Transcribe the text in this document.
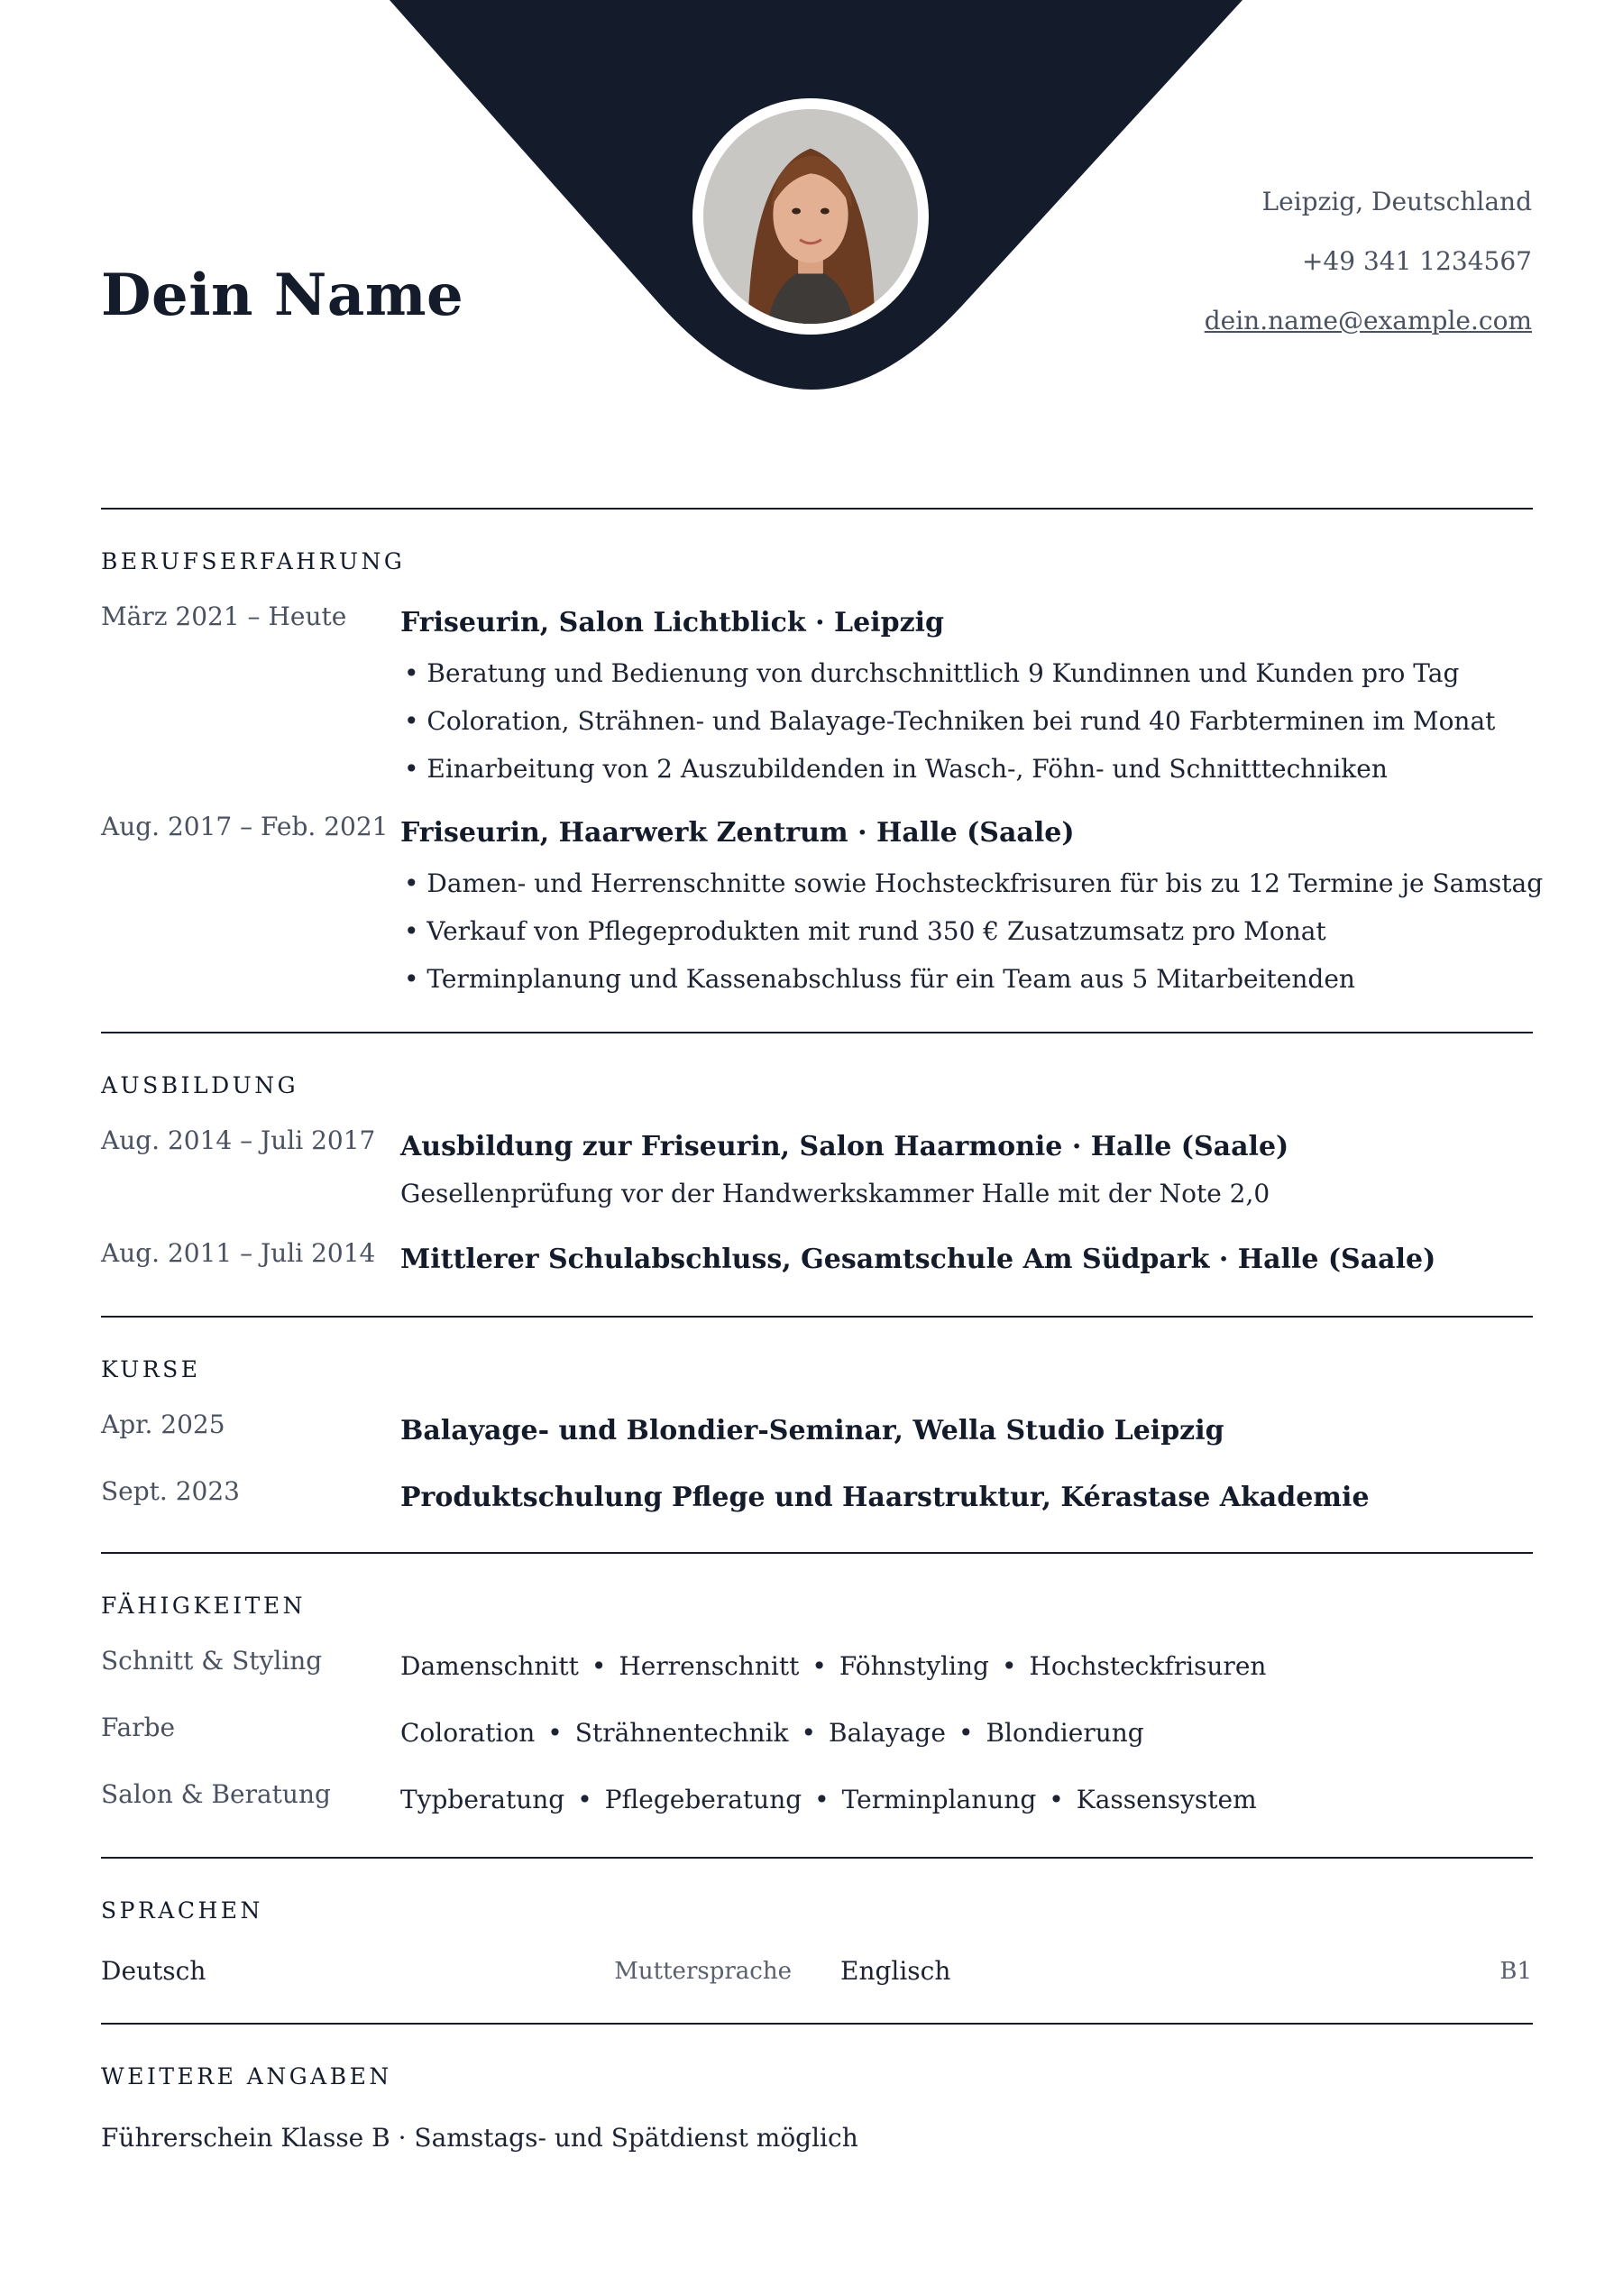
Dein Name
Leipzig, Deutschland
+49 341 1234567
dein.name@example.com
BERUFSERFAHRUNG
März 2021 – Heute Friseurin, Salon Lichtblick · Leipzig
• Beratung und Bedienung von durchschnittlich 9 Kundinnen und Kunden pro Tag
• Coloration, Strähnen- und Balayage-Techniken bei rund 40 Farbterminen im Monat
• Einarbeitung von 2 Auszubildenden in Wasch-, Föhn- und Schnitttechniken
Aug. 2017 – Feb. 2021 Friseurin, Haarwerk Zentrum · Halle (Saale)
• Damen- und Herrenschnitte sowie Hochsteckfrisuren für bis zu 12 Termine je Samstag
• Verkauf von Pflegeprodukten mit rund 350 € Zusatzumsatz pro Monat
• Terminplanung und Kassenabschluss für ein Team aus 5 Mitarbeitenden
AUSBILDUNG
Aug. 2014 – Juli 2017 Ausbildung zur Friseurin, Salon Haarmonie · Halle (Saale)
Gesellenprüfung vor der Handwerkskammer Halle mit der Note 2,0
Aug. 2011 – Juli 2014 Mittlerer Schulabschluss, Gesamtschule Am Südpark · Halle (Saale)
KURSE
Apr. 2025	Balayage- und Blondier-Seminar, Wella Studio Leipzig
Sept. 2023	Produktschulung Pflege und Haarstruktur, Kérastase Akademie
FÄHIGKEITEN
Schnitt & Styling	Damenschnitt • Herrenschnitt • Föhnstyling • Hochsteckfrisuren
Farbe	Coloration • Strähnentechnik • Balayage • Blondierung
Salon & Beratung	Typberatung • Pflegeberatung • Terminplanung • Kassensystem
SPRACHEN
Deutsch	Muttersprache Englisch	B1
WEITERE ANGABEN
Führerschein Klasse B · Samstags- und Spätdienst möglich
